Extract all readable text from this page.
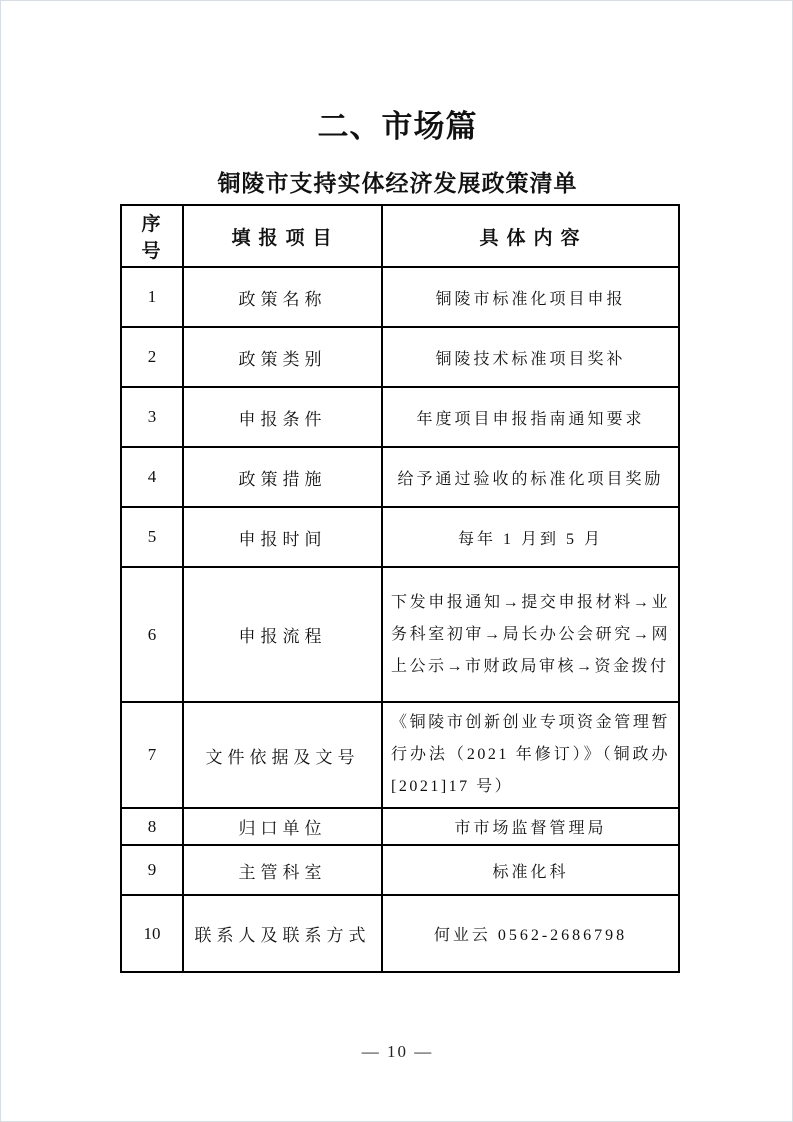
二、市场篇
铜陵市支持实体经济发展政策清单
序号	填报项目	具体内容
1	政策名称	铜陵市标准化项目申报
2	政策类别	铜陵技术标准项目奖补
3	申报条件	年度项目申报指南通知要求
4	政策措施	给予通过验收的标准化项目奖励
5	申报时间	每年 1 月到 5 月
6	申报流程	下发申报通知→提交申报材料→业务科室初审→局长办公会研究→网上公示→市财政局审核→资金拨付
7	文件依据及文号	《铜陵市创新创业专项资金管理暂行办法（2021 年修订）》（铜政办[2021]17 号）
8	归口单位	市市场监督管理局
9	主管科室	标准化科
10	联系人及联系方式	何业云 0562-2686798
— 10 —
